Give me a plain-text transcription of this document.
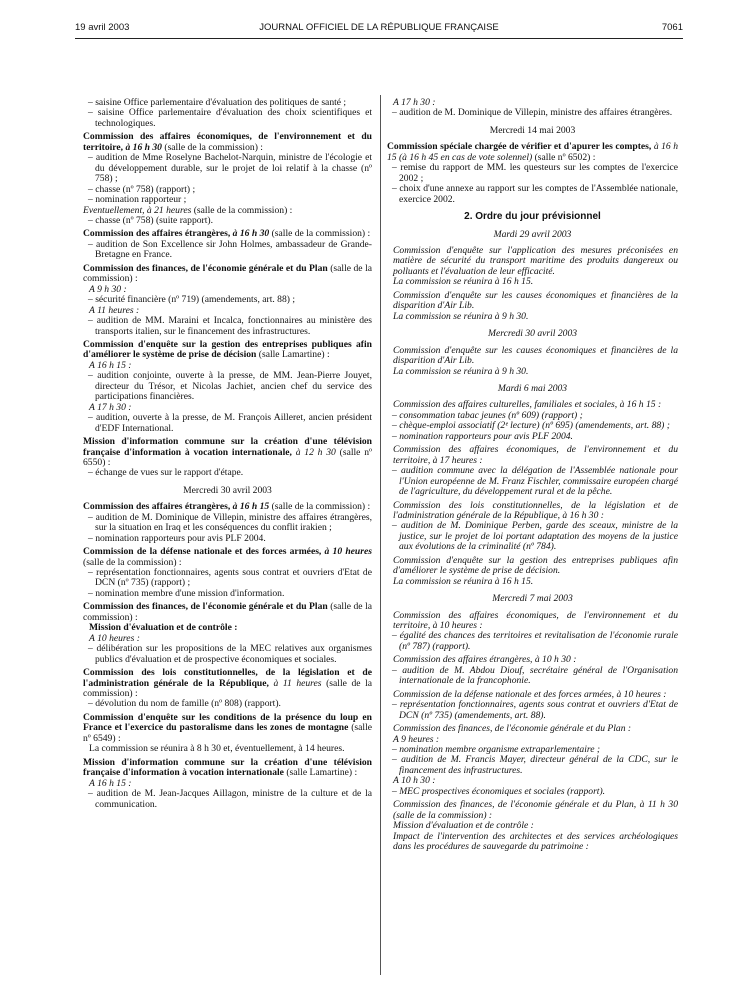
19 avril 2003	JOURNAL OFFICIEL DE LA RÉPUBLIQUE FRANÇAISE	7061

– saisine Office parlementaire d'évaluation des politiques de santé ;

– saisine Office parlementaire d'évaluation des choix scientifiques et technologiques.

Commission des affaires économiques, de l'environnement et du territoire, à 16 h 30 (salle de la commission) :

– audition de Mme Roselyne Bachelot-Narquin, ministre de l'écologie et du développement durable, sur le projet de loi relatif à la chasse (nº 758) ;

– chasse (nº 758) (rapport) ;

– nomination rapporteur ;

Eventuellement, à 21 heures (salle de la commission) :

– chasse (nº 758) (suite rapport).

Commission des affaires étrangères, à 16 h 30 (salle de la commission) :

– audition de Son Excellence sir John Holmes, ambassadeur de Grande-Bretagne en France.

Commission des finances, de l'économie générale et du Plan (salle de la commission) :

A 9 h 30 :

– sécurité financière (nº 719) (amendements, art. 88) ;

A 11 heures :

– audition de MM. Maraini et Incalca, fonctionnaires au ministère des transports italien, sur le financement des infrastructures.

Commission d'enquête sur la gestion des entreprises publiques afin d'améliorer le système de prise de décision (salle Lamartine) :

A 16 h 15 :

– audition conjointe, ouverte à la presse, de MM. Jean-Pierre Jouyet, directeur du Trésor, et Nicolas Jachiet, ancien chef du service des participations financières.

A 17 h 30 :

– audition, ouverte à la presse, de M. François Ailleret, ancien président d'EDF International.

Mission d'information commune sur la création d'une télévision française d'information à vocation internationale, à 12 h 30 (salle nº 6550) :

– échange de vues sur le rapport d'étape.

Mercredi 30 avril 2003

Commission des affaires étrangères, à 16 h 15 (salle de la commission) :

– audition de M. Dominique de Villepin, ministre des affaires étrangères, sur la situation en Iraq et les conséquences du conflit irakien ;

– nomination rapporteurs pour avis PLF 2004.

Commission de la défense nationale et des forces armées, à 10 heures (salle de la commission) :

– représentation fonctionnaires, agents sous contrat et ouvriers d'Etat de DCN (nº 735) (rapport) ;

– nomination membre d'une mission d'information.

Commission des finances, de l'économie générale et du Plan (salle de la commission) :

Mission d'évaluation et de contrôle :

A 10 heures :

– délibération sur les propositions de la MEC relatives aux organismes publics d'évaluation et de prospective économiques et sociales.

Commission des lois constitutionnelles, de la législation et de l'administration générale de la République, à 11 heures (salle de la commission) :

– dévolution du nom de famille (nº 808) (rapport).

Commission d'enquête sur les conditions de la présence du loup en France et l'exercice du pastoralisme dans les zones de montagne (salle nº 6549) :

La commission se réunira à 8 h 30 et, éventuellement, à 14 heures.

Mission d'information commune sur la création d'une télévision française d'information à vocation internationale (salle Lamartine) :

A 16 h 15 :

– audition de M. Jean-Jacques Aillagon, ministre de la culture et de la communication.

A 17 h 30 :

– audition de M. Dominique de Villepin, ministre des affaires étrangères.

Mercredi 14 mai 2003

Commission spéciale chargée de vérifier et d'apurer les comptes, à 16 h 15 (à 16 h 45 en cas de vote solennel) (salle nº 6502) :

– remise du rapport de MM. les questeurs sur les comptes de l'exercice 2002 ;

– choix d'une annexe au rapport sur les comptes de l'Assemblée nationale, exercice 2002.

2. Ordre du jour prévisionnel

Mardi 29 avril 2003

Commission d'enquête sur l'application des mesures préconisées en matière de sécurité du transport maritime des produits dangereux ou polluants et l'évaluation de leur efficacité.

La commission se réunira à 16 h 15.

Commission d'enquête sur les causes économiques et financières de la disparition d'Air Lib.

La commission se réunira à 9 h 30.

Mercredi 30 avril 2003

Commission d'enquête sur les causes économiques et financières de la disparition d'Air Lib.

La commission se réunira à 9 h 30.

Mardi 6 mai 2003

Commission des affaires culturelles, familiales et sociales, à 16 h 15 :

– consommation tabac jeunes (nº 609) (rapport) ;

– chèque-emploi associatif (2ᵉ lecture) (nº 695) (amendements, art. 88) ;

– nomination rapporteurs pour avis PLF 2004.

Commission des affaires économiques, de l'environnement et du territoire, à 17 heures :

– audition commune avec la délégation de l'Assemblée nationale pour l'Union européenne de M. Franz Fischler, commissaire européen chargé de l'agriculture, du développement rural et de la pêche.

Commission des lois constitutionnelles, de la législation et de l'administration générale de la République, à 16 h 30 :

– audition de M. Dominique Perben, garde des sceaux, ministre de la justice, sur le projet de loi portant adaptation des moyens de la justice aux évolutions de la criminalité (nº 784).

Commission d'enquête sur la gestion des entreprises publiques afin d'améliorer le système de prise de décision.

La commission se réunira à 16 h 15.

Mercredi 7 mai 2003

Commission des affaires économiques, de l'environnement et du territoire, à 10 heures :

– égalité des chances des territoires et revitalisation de l'économie rurale (nº 787) (rapport).

Commission des affaires étrangères, à 10 h 30 :

– audition de M. Abdou Diouf, secrétaire général de l'Organisation internationale de la francophonie.

Commission de la défense nationale et des forces armées, à 10 heures :

– représentation fonctionnaires, agents sous contrat et ouvriers d'Etat de DCN (nº 735) (amendements, art. 88).

Commission des finances, de l'économie générale et du Plan :

A 9 heures :

– nomination membre organisme extraparlementaire ;

– audition de M. Francis Mayer, directeur général de la CDC, sur le financement des infrastructures.

A 10 h 30 :

– MEC prospectives économiques et sociales (rapport).

Commission des finances, de l'économie générale et du Plan, à 11 h 30 (salle de la commission) :

Mission d'évaluation et de contrôle :

Impact de l'intervention des architectes et des services archéologiques dans les procédures de sauvegarde du patrimoine :
